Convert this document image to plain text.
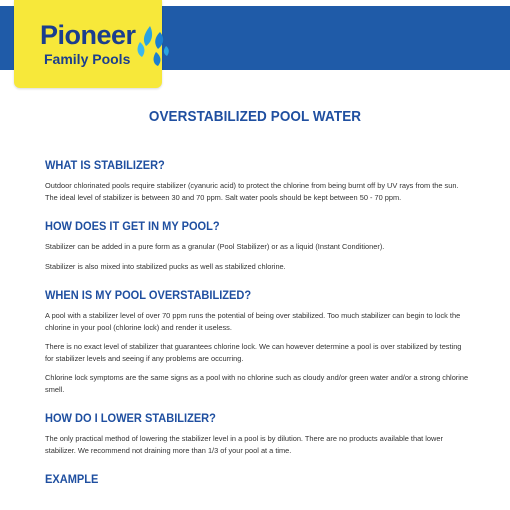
Pioneer
Family Pools
OVERSTABILIZED POOL WATER
WHAT IS STABILIZER?

Outdoor chlorinated pools require stabilizer (cyanuric acid) to protect the chlorine from being burnt off by UV rays from the sun. The ideal level of stabilizer is between 30 and 70 ppm. Salt water pools should be kept between 50 - 70 ppm.

HOW DOES IT GET IN MY POOL?

Stabilizer can be added in a pure form as a granular (Pool Stabilizer) or as a liquid (Instant Conditioner).

Stabilizer is also mixed into stabilized pucks as well as stabilized chlorine.

WHEN IS MY POOL OVERSTABILIZED?

A pool with a stabilizer level of over 70 ppm runs the potential of being over stabilized. Too much stabilizer can begin to lock the chlorine in your pool (chlorine lock) and render it useless.

There is no exact level of stabilizer that guarantees chlorine lock. We can however determine a pool is over stabilized by testing for stabilizer levels and seeing if any problems are occurring.

Chlorine lock symptoms are the same signs as a pool with no chlorine such as cloudy and/or green water and/or a strong chlorine smell.

HOW DO I LOWER STABILIZER?

The only practical method of lowering the stabilizer level in a pool is by dilution. There are no products available that lower stabilizer. We recommend not draining more than 1/3 of your pool at a time.

EXAMPLE
